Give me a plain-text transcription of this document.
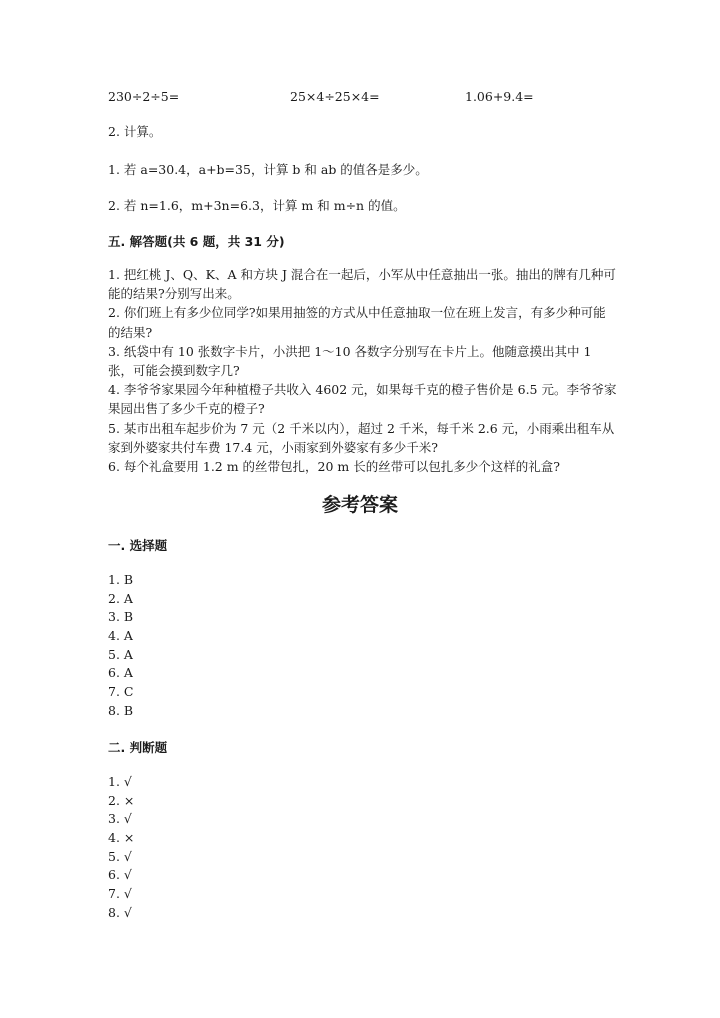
230÷2÷5=	25×4÷25×4=	1.06+9.4=
2. 计算。
1. 若 a=30.4，a+b=35，计算 b 和 ab 的值各是多少。
2. 若 n=1.6，m+3n=6.3，计算 m 和 m÷n 的值。
五. 解答题(共 6 题，共 31 分)
1. 把红桃 J、Q、K、A 和方块 J 混合在一起后，小军从中任意抽出一张。抽出的牌有几种可能的结果?分别写出来。
2. 你们班上有多少位同学?如果用抽签的方式从中任意抽取一位在班上发言，有多少种可能的结果?
3. 纸袋中有 10 张数字卡片，小洪把 1～10 各数字分别写在卡片上。他随意摸出其中 1 张，可能会摸到数字几?
4. 李爷爷家果园今年种植橙子共收入 4602 元，如果每千克的橙子售价是 6.5 元。李爷爷家果园出售了多少千克的橙子?
5. 某市出租车起步价为 7 元（2 千米以内），超过 2 千米，每千米 2.6 元，小雨乘出租车从家到外婆家共付车费 17.4 元，小雨家到外婆家有多少千米?
6. 每个礼盒要用 1.2 m 的丝带包扎，20 m 长的丝带可以包扎多少个这样的礼盒?
参考答案
一. 选择题
1. B
2. A
3. B
4. A
5. A
6. A
7. C
8. B
二. 判断题
1. √
2. ×
3. √
4. ×
5. √
6. √
7. √
8. √
